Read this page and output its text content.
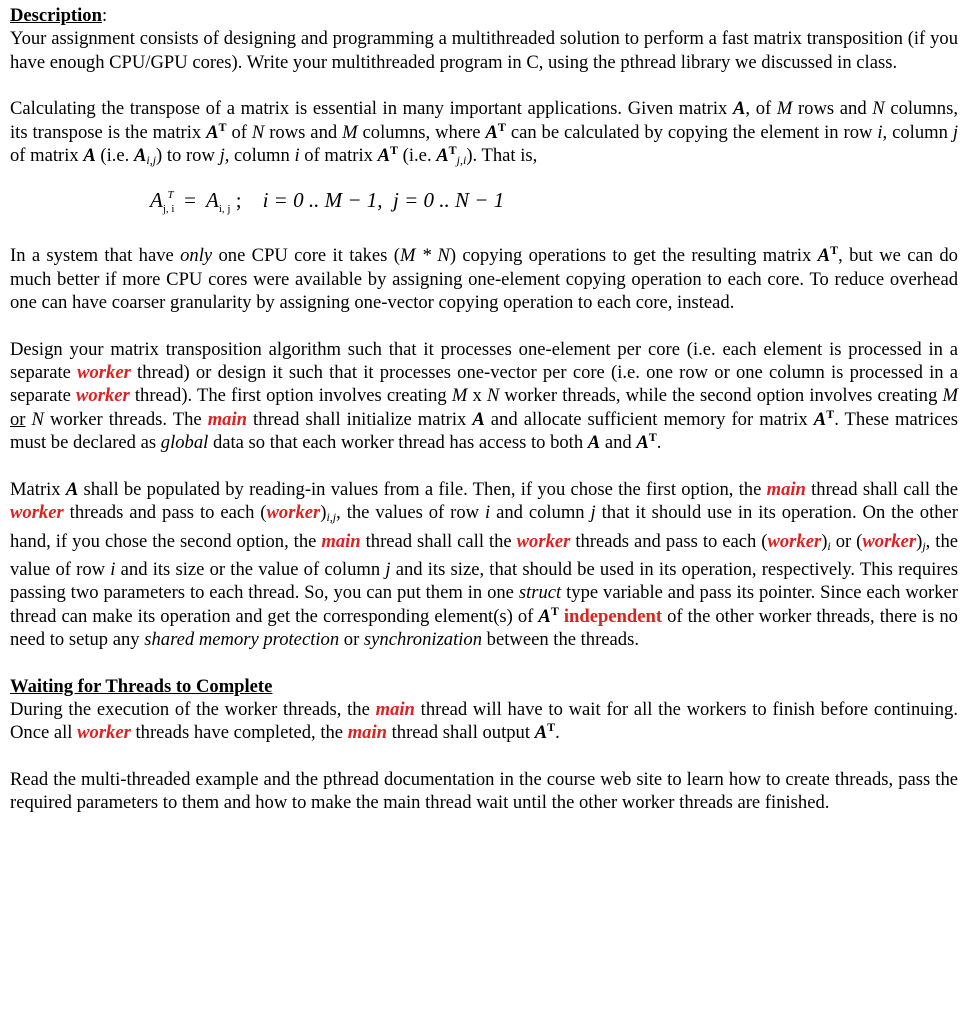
Description:

Your assignment consists of designing and programming a multithreaded solution to perform a fast matrix transposition (if you have enough CPU/GPU cores). Write your multithreaded program in C, using the pthread library we discussed in class.

Calculating the transpose of a matrix is essential in many important applications. Given matrix A, of M rows and N columns, its transpose is the matrix $A^T$ of N rows and M columns, where $A^T$ can be calculated by copying the element in row i, column j of matrix A (i.e. $A_{i,j}$) to row j, column i of matrix $A^T$ (i.e. $A^T_{j,i}$). That is,

$A_{j, i}^T = A_{i, j}$ ; i = 0 .. M − 1, j = 0 .. N − 1

In a system that have only one CPU core it takes (M * N) copying operations to get the resulting matrix $A^T$, but we can do much better if more CPU cores were available by assigning one-element copying operation to each core. To reduce overhead one can have coarser granularity by assigning one-vector copying operation to each core, instead.

Design your matrix transposition algorithm such that it processes one-element per core (i.e. each element is processed in a separate worker thread) or design it such that it processes one-vector per core (i.e. one row or one column is processed in a separate worker thread). The first option involves creating M x N worker threads, while the second option involves creating M or N worker threads. The main thread shall initialize matrix A and allocate sufficient memory for matrix $A^T$. These matrices must be declared as global data so that each worker thread has access to both A and $A^T$.

Matrix A shall be populated by reading-in values from a file. Then, if you chose the first option, the main thread shall call the worker threads and pass to each $(worker)_{i,j}$, the values of row i and column j that it should use in its operation. On the other hand, if you chose the second option, the main thread shall call the worker threads and pass to each $(worker)_i$ or $(worker)_j$, the value of row i and its size or the value of column j and its size, that should be used in its operation, respectively. This requires passing two parameters to each thread. So, you can put them in one struct type variable and pass its pointer. Since each worker thread can make its operation and get the corresponding element(s) of $A^T$ independent of the other worker threads, there is no need to setup any shared memory protection or synchronization between the threads.

Waiting for Threads to Complete

During the execution of the worker threads, the main thread will have to wait for all the workers to finish before continuing. Once all worker threads have completed, the main thread shall output $A^T$.

Read the multi-threaded example and the pthread documentation in the course web site to learn how to create threads, pass the required parameters to them and how to make the main thread wait until the other worker threads are finished.
